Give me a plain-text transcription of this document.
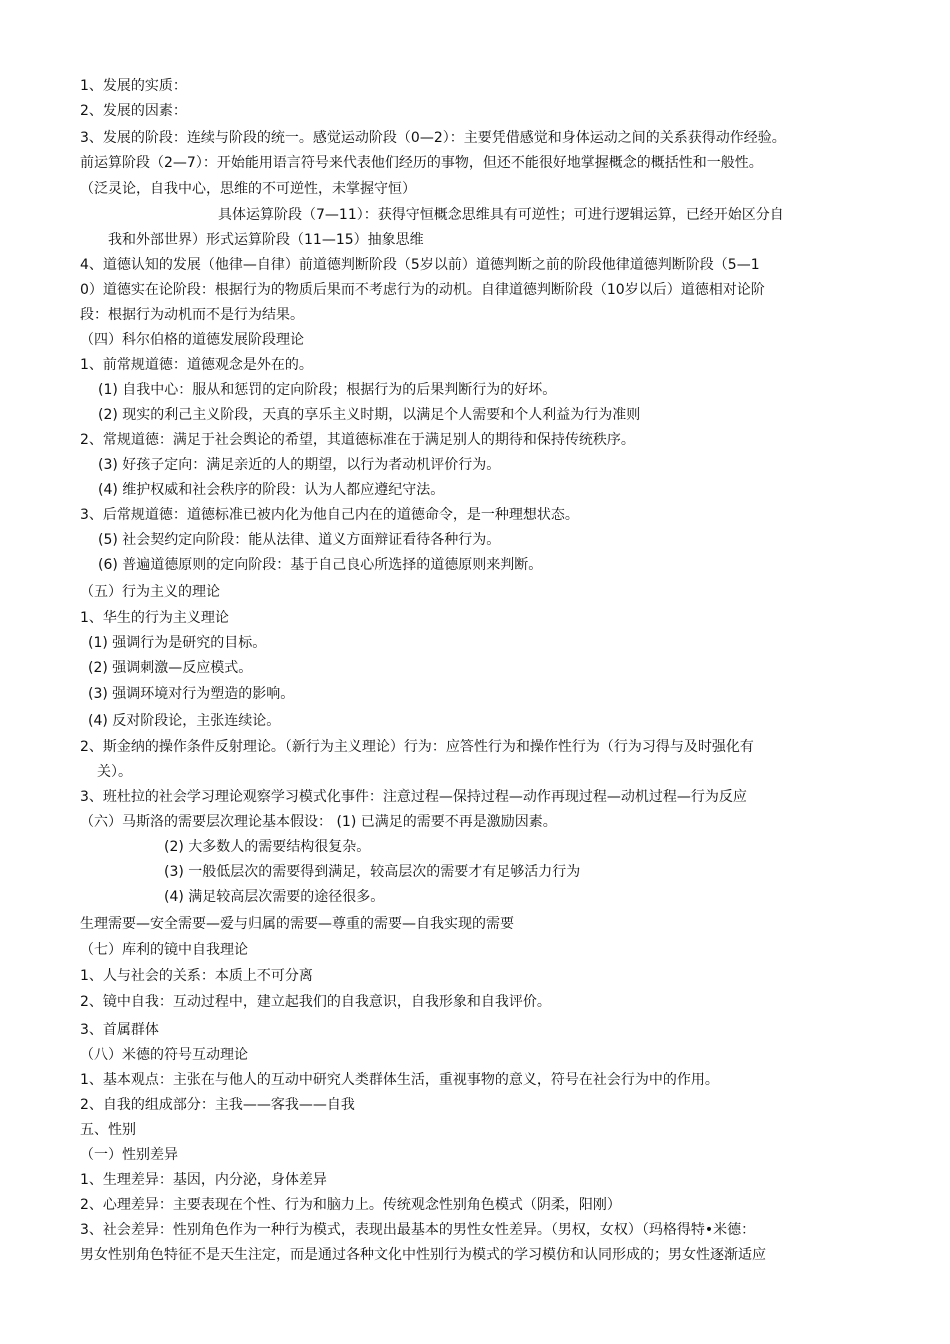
1、发展的实质：
2、发展的因素：
3、发展的阶段：连续与阶段的统一。感觉运动阶段（0—2）：主要凭借感觉和身体运动之间的关系获得动作经验。
前运算阶段（2—7）：开始能用语言符号来代表他们经历的事物，但还不能很好地掌握概念的概括性和一般性。
（泛灵论，自我中心，思维的不可逆性，未掌握守恒）
具体运算阶段（7—11）：获得守恒概念思维具有可逆性；可进行逻辑运算，已经开始区分自
我和外部世界）形式运算阶段（11—15）抽象思维
4、道德认知的发展（他律—自律）前道德判断阶段（5岁以前）道德判断之前的阶段他律道德判断阶段（5—1
0）道德实在论阶段：根据行为的物质后果而不考虑行为的动机。自律道德判断阶段（10岁以后）道德相对论阶
段：根据行为动机而不是行为结果。
（四）科尔伯格的道德发展阶段理论
1、前常规道德：道德观念是外在的。
(1) 自我中心：服从和惩罚的定向阶段；根据行为的后果判断行为的好坏。
(2) 现实的利己主义阶段，天真的享乐主义时期，以满足个人需要和个人利益为行为准则
2、常规道德：满足于社会舆论的希望，其道德标准在于满足别人的期待和保持传统秩序。
(3) 好孩子定向：满足亲近的人的期望，以行为者动机评价行为。
(4) 维护权威和社会秩序的阶段：认为人都应遵纪守法。
3、后常规道德：道德标准已被内化为他自己内在的道德命令，是一种理想状态。
(5) 社会契约定向阶段：能从法律、道义方面辩证看待各种行为。
(6) 普遍道德原则的定向阶段：基于自己良心所选择的道德原则来判断。
（五）行为主义的理论
1、华生的行为主义理论
(1) 强调行为是研究的目标。
(2) 强调刺激—反应模式。
(3) 强调环境对行为塑造的影响。
(4) 反对阶段论，主张连续论。
2、斯金纳的操作条件反射理论。（新行为主义理论）行为：应答性行为和操作性行为（行为习得与及时强化有
关）。
3、班杜拉的社会学习理论观察学习模式化事件：注意过程—保持过程—动作再现过程—动机过程—行为反应
（六）马斯洛的需要层次理论基本假设： (1) 已满足的需要不再是激励因素。
(2) 大多数人的需要结构很复杂。
(3) 一般低层次的需要得到满足，较高层次的需要才有足够活力行为
(4) 满足较高层次需要的途径很多。
生理需要—安全需要—爱与归属的需要—尊重的需要—自我实现的需要
（七）库利的镜中自我理论
1、人与社会的关系：本质上不可分离
2、镜中自我：互动过程中，建立起我们的自我意识，自我形象和自我评价。
3、首属群体
（八）米德的符号互动理论
1、基本观点：主张在与他人的互动中研究人类群体生活，重视事物的意义，符号在社会行为中的作用。
2、自我的组成部分：主我——客我——自我
五、性别
（一）性别差异
1、生理差异：基因，内分泌，身体差异
2、心理差异：主要表现在个性、行为和脑力上。传统观念性别角色模式（阴柔，阳刚）
3、社会差异：性别角色作为一种行为模式，表现出最基本的男性女性差异。（男权，女权）（玛格得特•米德：
男女性别角色特征不是天生注定，而是通过各种文化中性别行为模式的学习模仿和认同形成的；男女性逐渐适应
